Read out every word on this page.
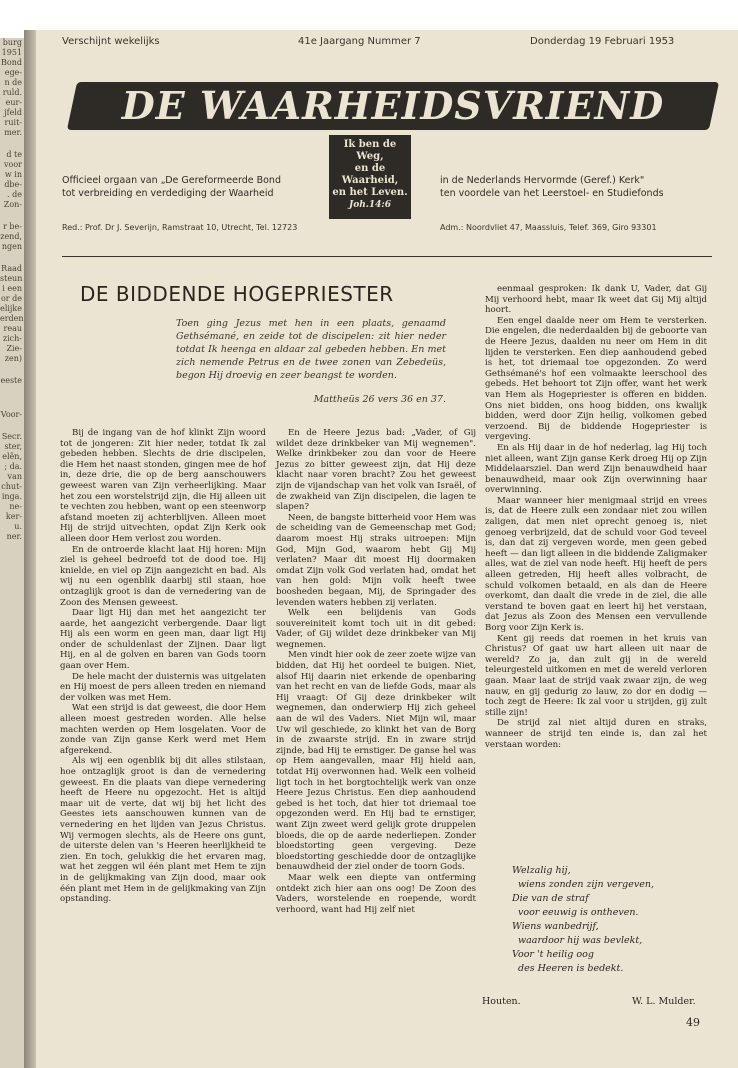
burg
1951
Bond
ege-
n de
ruld.
eur-
jfeld
ruit-
mer.
d te
voor
w in
dbe-
. de
Zon-
r be-
zend,
ngen
Raad
steun
i een
or de
elijke
erden
reau
zich-
Zie-
zen)
eeste
Voor-
Secr.
ster,
elên,
; da.
van
chut-
inga.
ne-
ker-
u.
ner.
Verschijnt wekelijks	41e Jaargang Nummer 7	Donderdag 19 Februari 1953
DE WAARHEIDSVRIEND
Ik ben de Weg,
en de Waarheid,
en het Leven.
Joh.14:6
Officieel orgaan van „De Gereformeerde Bond
tot verbreiding en verdediging der Waarheid
in de Nederlands Hervormde (Geref.) Kerk"
ten voordele van het Leerstoel- en Studiefonds
Red.: Prof. Dr J. Severijn, Ramstraat 10, Utrecht, Tel. 12723	Adm.: Noordvliet 47, Maassluis, Telef. 369, Giro 93301
DE BIDDENDE HOGEPRIESTER
Toen ging Jezus met hen in een plaats, genaamd Gethsémané, en zeide tot de discipelen: zit hier neder totdat Ik heenga en aldaar zal gebeden hebben. En met zich nemende Petrus en de twee zonen van Zebedeüs, begon Hij droevig en zeer beangst te worden.
Mattheüs 26 vers 36 en 37.

Bij de ingang van de hof klinkt Zijn woord tot de jongeren: Zit hier neder, totdat Ik zal gebeden hebben. Slechts de drie discipelen, die Hem het naast stonden, gingen mee de hof in, deze drie, die op de berg aanschouwers geweest waren van Zijn verheerlijking. Maar het zou een worstelstrijd zijn, die Hij alleen uit te vechten zou hebben, want op een steenworp afstand moeten zij achterblijven. Alleen moet Hij de strijd uitvechten, opdat Zijn Kerk ook alleen door Hem verlost zou worden.

En de ontroerde klacht laat Hij horen: Mijn ziel is geheel bedroefd tot de dood toe. Hij knielde, en viel op Zijn aangezicht en bad. Als wij nu een ogenblik daarbij stil staan, hoe ontzaglijk groot is dan de vernedering van de Zoon des Mensen geweest.

Daar ligt Hij dan met het aangezicht ter aarde, het aangezicht verbergende. Daar ligt Hij als een worm en geen man, daar ligt Hij onder de schuldenlast der Zijnen. Daar ligt Hij, en al de golven en baren van Gods toorn gaan over Hem.

De hele macht der duisternis was uitgelaten en Hij moest de pers alleen treden en niemand der volken was met Hem.

Wat een strijd is dat geweest, die door Hem alleen moest gestreden worden. Alle helse machten werden op Hem losgelaten. Voor de zonde van Zijn ganse Kerk werd met Hem afgerekend.

Als wij een ogenblik bij dit alles stilstaan, hoe ontzaglijk groot is dan de vernedering geweest. En die plaats van diepe vernedering heeft de Heere nu opgezocht. Het is altijd maar uit de verte, dat wij bij het licht des Geestes iets aanschouwen kunnen van de vernedering en het lijden van Jezus Christus. Wij vermogen slechts, als de Heere ons gunt, de uiterste delen van 's Heeren heerlijkheid te zien. En toch, gelukkig die het ervaren mag, wat het zeggen wil één plant met Hem te zijn in de gelijkmaking van Zijn dood, maar ook één plant met Hem in de gelijkmaking van Zijn opstanding.

En de Heere Jezus bad: „Vader, of Gij wildet deze drinkbeker van Mij wegnemen". Welke drinkbeker zou dan voor de Heere Jezus zo bitter geweest zijn, dat Hij deze klacht naar voren bracht? Zou het geweest zijn de vijandschap van het volk van Israël, of de zwakheid van Zijn discipelen, die lagen te slapen?

Neen, de bangste bitterheid voor Hem was de scheiding van de Gemeenschap met God; daarom moest Hij straks uitroepen: Mijn God, Mijn God, waarom hebt Gij Mij verlaten? Maar dit moest Hij doormaken omdat Zijn volk God verlaten had, omdat het van hen gold: Mijn volk heeft twee boosheden begaan, Mij, de Springader des levenden waters hebben zij verlaten.

Welk een belijdenis van Gods souvereiniteit komt toch uit in dit gebed: Vader, of Gij wildet deze drinkbeker van Mij wegnemen.

Men vindt hier ook de zeer zoete wijze van bidden, dat Hij het oordeel te buigen. Niet, alsof Hij daarin niet erkende de openbaring van het recht en van de liefde Gods, maar als Hij vraagt: Of Gij deze drinkbeker wilt wegnemen, dan onderwierp Hij zich geheel aan de wil des Vaders. Niet Mijn wil, maar Uw wil geschiede, zo klinkt het van de Borg in de zwaarste strijd. En in zware strijd zijnde, bad Hij te ernstiger. De ganse hel was op Hem aangevallen, maar Hij hield aan, totdat Hij overwonnen had. Welk een volheid ligt toch in het borgtochtelijk werk van onze Heere Jezus Christus. Een diep aanhoudend gebed is het toch, dat hier tot driemaal toe opgezonden werd. En Hij bad te ernstiger, want Zijn zweet werd gelijk grote druppelen bloeds, die op de aarde nederliepen. Zonder bloedstorting geen vergeving. Deze bloedstorting geschiedde door de ontzaglijke benauwdheid der ziel onder de toorn Gods.

Maar welk een diepte van ontferming ontdekt zich hier aan ons oog! De Zoon des Vaders, worstelende en roepende, wordt verhoord, want had Hij zelf niet

eenmaal gesproken: Ik dank U, Vader, dat Gij Mij verhoord hebt, maar Ik weet dat Gij Mij altijd hoort.

Een engel daalde neer om Hem te versterken. Die engelen, die nederdaalden bij de geboorte van de Heere Jezus, daalden nu neer om Hem in dit lijden te versterken. Een diep aanhoudend gebed is het, tot driemaal toe opgezonden. Zo werd Gethsémané's hof een volmaakte leerschool des gebeds. Het behoort tot Zijn offer, want het werk van Hem als Hogepriester is offeren en bidden. Ons niet bidden, ons hoog bidden, ons kwalijk bidden, werd door Zijn heilig, volkomen gebed verzoend. Bij de biddende Hogepriester is vergeving.

En als Hij daar in de hof nederlag, lag Hij toch niet alleen, want Zijn ganse Kerk droeg Hij op Zijn Middelaarsziel. Dan werd Zijn benauwdheid haar benauwdheid, maar ook Zijn overwinning haar overwinning.

Maar wanneer hier menigmaal strijd en vrees is, dat de Heere zulk een zondaar niet zou willen zaligen, dat men niet oprecht genoeg is, niet genoeg verbrijzeld, dat de schuld voor God teveel is, dan dat zij vergeven worde, men geen gebed heeft — dan ligt alleen in die biddende Zaligmaker alles, wat de ziel van node heeft. Hij heeft de pers alleen getreden, Hij heeft alles volbracht, de schuld volkomen betaald, en als dan de Heere overkomt, dan daalt die vrede in de ziel, die alle verstand te boven gaat en leert hij het verstaan, dat Jezus als Zoon des Mensen een vervullende Borg voor Zijn Kerk is.

Kent gij reeds dat roemen in het kruis van Christus? Of gaat uw hart alleen uit naar de wereld? Zo ja, dan zult gij in de wereld teleurgesteld uitkomen en met de wereld verloren gaan. Maar laat de strijd vaak zwaar zijn, de weg nauw, en gij gedurig zo lauw, zo dor en dodig — toch zegt de Heere: Ik zal voor u strijden, gij zult stille zijn!

De strijd zal niet altijd duren en straks, wanneer de strijd ten einde is, dan zal het verstaan worden:

Welzalig hij,
wiens zonden zijn vergeven,
Die van de straf
voor eeuwig is ontheven.
Wiens wanbedrijf,
waardoor hij was bevlekt,
Voor 't heilig oog
des Heeren is bedekt.
Houten.	W. L. Mulder.
49
